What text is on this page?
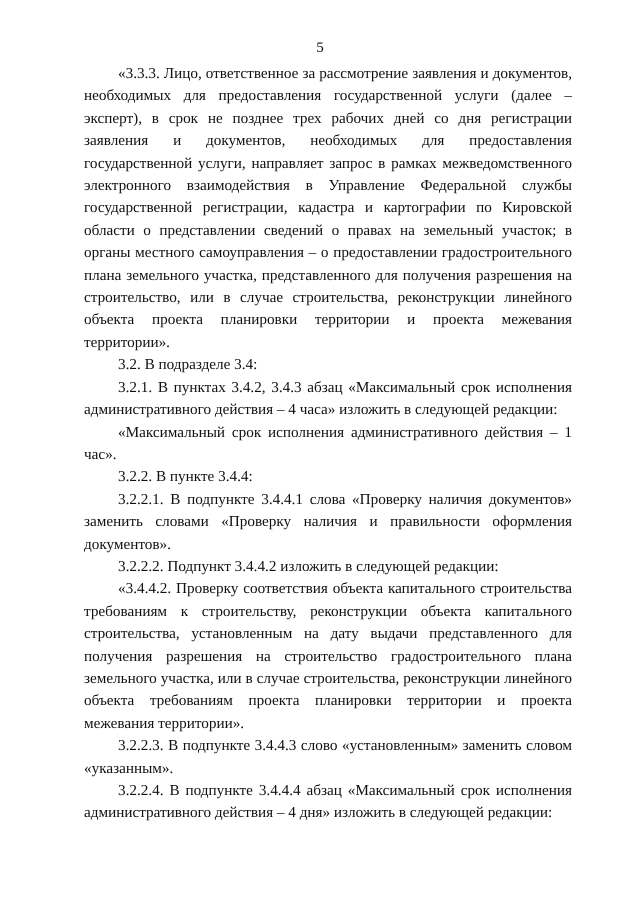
5

«3.3.3. Лицо, ответственное за рассмотрение заявления и документов, необходимых для предоставления государственной услуги (далее – эксперт), в срок не позднее трех рабочих дней со дня регистрации заявления и документов, необходимых для предоставления государственной услуги, направляет запрос в рамках межведомственного электронного взаимодействия в Управление Федеральной службы государственной регистрации, кадастра и картографии по Кировской области о представлении сведений о правах на земельный участок; в органы местного самоуправления – о предоставлении градостроительного плана земельного участка, представленного для получения разрешения на строительство, или в случае строительства, реконструкции линейного объекта проекта планировки территории и проекта межевания территории».

3.2. В подразделе 3.4:

3.2.1. В пунктах 3.4.2, 3.4.3 абзац «Максимальный срок исполнения административного действия – 4 часа» изложить в следующей редакции:

«Максимальный срок исполнения административного действия – 1 час».

3.2.2. В пункте 3.4.4:

3.2.2.1. В подпункте 3.4.4.1 слова «Проверку наличия документов» заменить словами «Проверку наличия и правильности оформления документов».

3.2.2.2. Подпункт 3.4.4.2 изложить в следующей редакции:

«3.4.4.2. Проверку соответствия объекта капитального строительства требованиям к строительству, реконструкции объекта капитального строительства, установленным на дату выдачи представленного для получения разрешения на строительство градостроительного плана земельного участка, или в случае строительства, реконструкции линейного объекта требованиям проекта планировки территории и проекта межевания территории».

3.2.2.3. В подпункте 3.4.4.3 слово «установленным» заменить словом «указанным».

3.2.2.4. В подпункте 3.4.4.4 абзац «Максимальный срок исполнения административного действия – 4 дня» изложить в следующей редакции:
